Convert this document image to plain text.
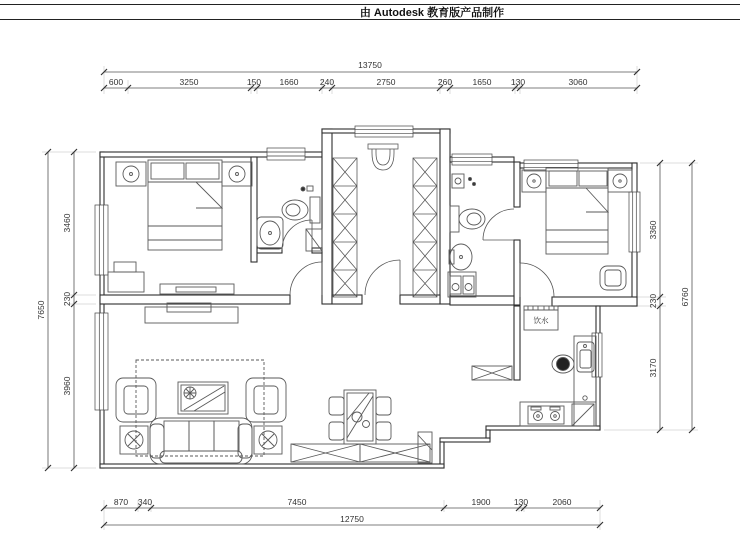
由 Autodesk 教育版产品制作
13750
600	3250	150 1660	240	2750	260 1650 130	3060
870 340	7450	1900	130	2060
12750
3460
230
3960
7650
3360
230
3170
6760
饮水
